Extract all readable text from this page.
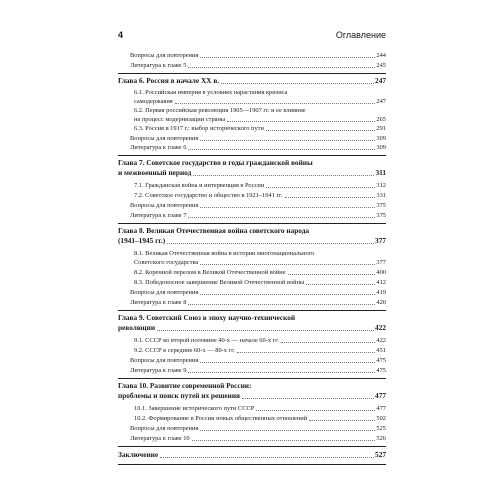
4	Оглавление
Вопросы для повторения	244
Литература к главе 5	245
Глава 6. Россия в начале XX в.	247
6.1. Российская империя в условиях нарастания кризиса
самодержавия	247
6.2. Первая российская революция 1905—1907 гг. и ее влияние
на процесс модернизации страны	265
6.3. Россия в 1917 г.: выбор исторического пути	291
Вопросы для повторения	309
Литература к главе 6	309
Глава 7. Советское государство в годы гражданской войны
и межвоенный период	311
7.1. Гражданская война и интервенция в России	312
7.2. Советское государство и общество в 1921–1941 гг.	331
Вопросы для повторения	375
Литература к главе 7	375
Глава 8. Великая Отечественная война советского народа
(1941–1945 гг.)	377
8.1. Великая Отечественная война в истории многонационального
Советского государства	377
8.2. Коренной перелом в Великой Отечественной войне	400
8.3. Победоносное завершение Великой Отечественной войны	412
Вопросы для повторения	419
Литература к главе 8	420
Глава 9. Советский Союз в эпоху научно-технической
революции	422
9.1. СССР во второй половине 40-х — начале 60-х гг.	422
9.2. СССР в середине 60-х — 80-х гг.	451
Вопросы для повторения	475
Литература к главе 9	475
Глава 10. Развитие современной России:
проблемы и поиск путей их решения	477
10.1. Завершение исторического пути СССР	477
10.2. Формирование в России новых общественных отношений	502
Вопросы для повторения	525
Литература к главе 10	526
Заключение	527
